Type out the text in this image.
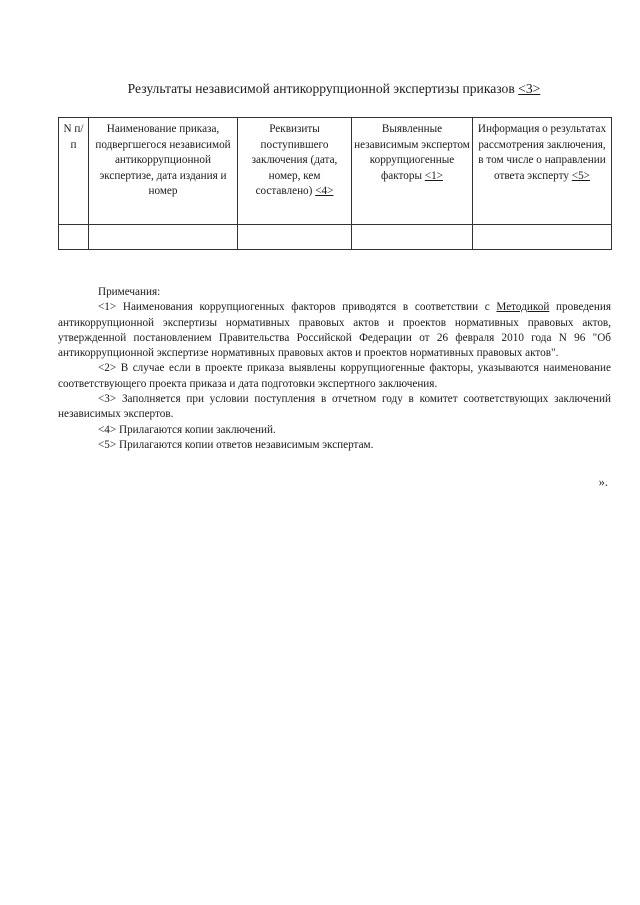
Результаты независимой антикоррупционной экспертизы приказов <3>
N п/п	Наименование приказа, подвергшегося независимой антикоррупционной экспертизе, дата издания и номер	Реквизиты поступившего заключения (дата, номер, кем составлено) <4>	Выявленные независимым экспертом коррупциогенные факторы <1>	Информация о результатах рассмотрения заключения, в том числе о направлении ответа эксперту <5>

Примечания:

<1> Наименования коррупциогенных факторов приводятся в соответствии с Методикой проведения антикоррупционной экспертизы нормативных правовых актов и проектов нормативных правовых актов, утвержденной постановлением Правительства Российской Федерации от 26 февраля 2010 года N 96 "Об антикоррупционной экспертизе нормативных правовых актов и проектов нормативных правовых актов".

<2> В случае если в проекте приказа выявлены коррупциогенные факторы, указываются наименование соответствующего проекта приказа и дата подготовки экспертного заключения.

<3> Заполняется при условии поступления в отчетном году в комитет соответствующих заключений независимых экспертов.

<4> Прилагаются копии заключений.

<5> Прилагаются копии ответов независимым экспертам.

».
